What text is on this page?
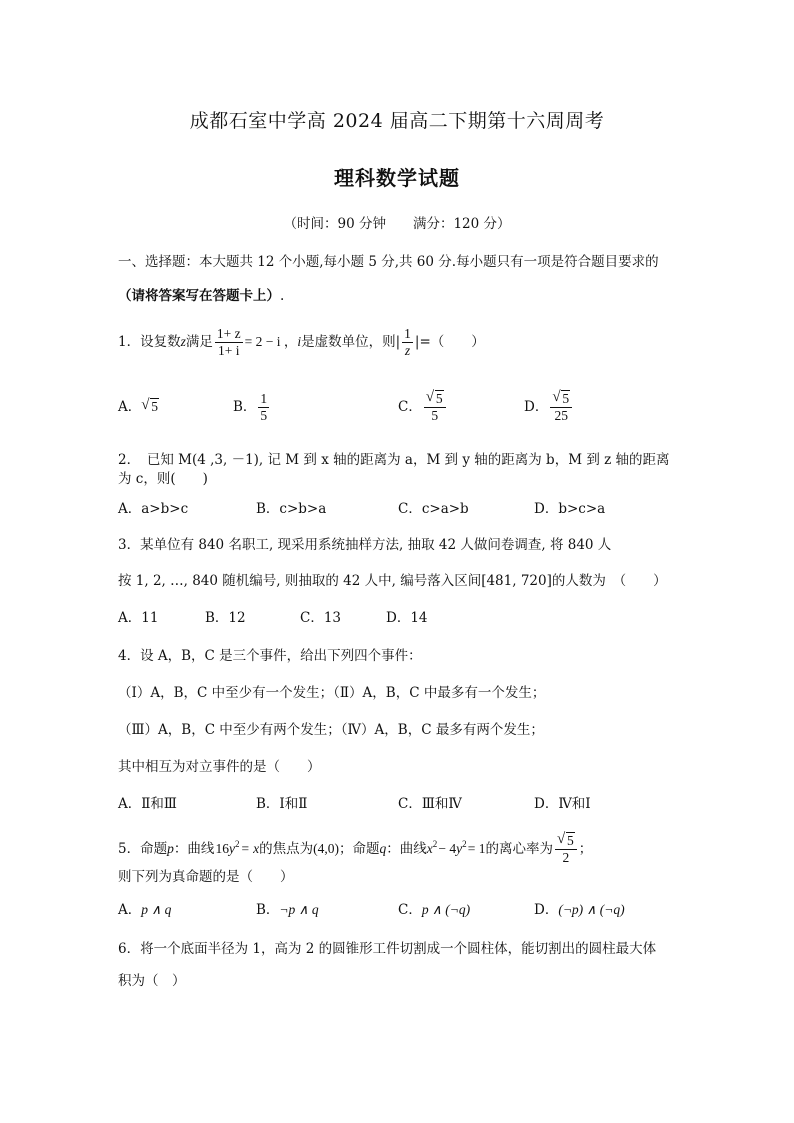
成都石室中学高 2024 届高二下期第十六周周考
理科数学试题
（时间：90 分钟　　满分：120 分）
一、选择题：本大题共 12 个小题,每小题 5 分,共 60 分.每小题只有一项是符合题目要求的
（请将答案写在答题卡上）.
1．设复数z满足 $\frac{1+ z}{1+ i} = 2 - i$ ，i是虚数单位，则| $\frac{1}{z}$ |=（　　）
A． √ 5	B． $\frac{1}{5}$	C． $\frac{√ 5}{5}$	D． $\frac{√ 5}{25}$
2．　已知 M(4 ,3, －1), 记 M 到 x 轴的距离为 a，M 到 y 轴的距离为 b，M 到 z 轴的距离
为 c，则(　　)
A．a>b>c	B．c>b>a	C．c>a>b	D．b>c>a
3．某单位有 840 名职工, 现采用系统抽样方法, 抽取 42 人做问卷调查, 将 840 人
按 1, 2, …, 840 随机编号, 则抽取的 42 人中, 编号落入区间[481, 720]的人数为　（　　）
A．11	B．12	C．13	D．14
4．设 A，B，C 是三个事件，给出下列四个事件：
（Ⅰ）A，B，C 中至少有一个发生；（Ⅱ）A，B，C 中最多有一个发生；
（Ⅲ）A，B，C 中至少有两个发生；（Ⅳ）A，B，C 最多有两个发生；
其中相互为对立事件的是（　　）
A．Ⅱ和Ⅲ	B．Ⅰ和Ⅱ	C．Ⅲ和Ⅳ	D．Ⅳ和Ⅰ
5．命题p：曲线 $16y^2$ = x的焦点为(4,0)；命题q：曲线$x^2$ − $4y^2$ = 1的离心率为 $\frac{√ 5}{2}$ ；
则下列为真命题的是（　　）
A．p ∧ q	B．¬p ∧ q	C．p ∧ (¬q)	D．(¬p) ∧ (¬q)
6．将一个底面半径为 1，高为 2 的圆锥形工件切割成一个圆柱体，能切割出的圆柱最大体
积为（　）
